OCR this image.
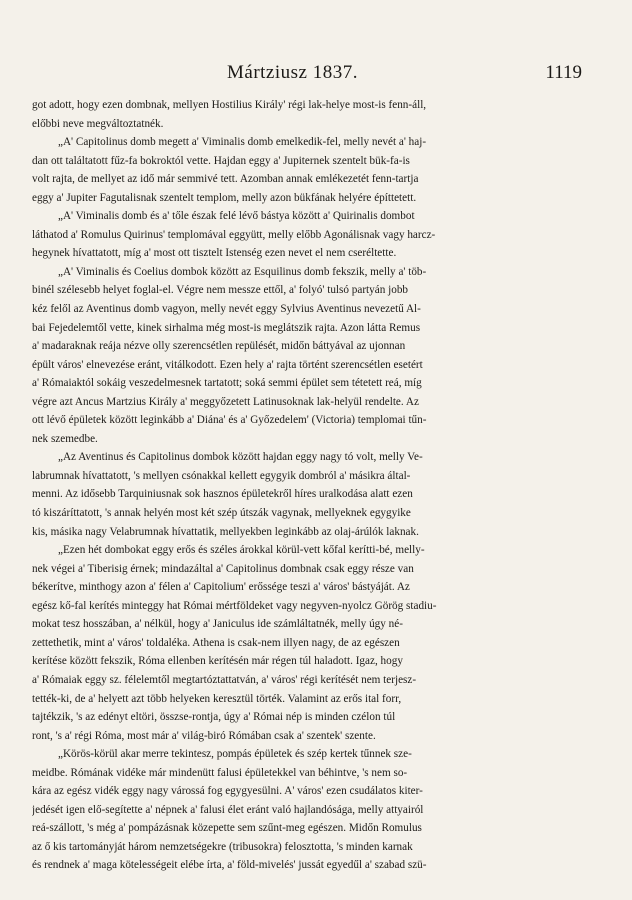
Mártziusz 1837.	1119
got adott, hogy ezen dombnak, mellyen Hostilius Király' régi lak-helye most-is fenn-áll,
előbbi neve megváltoztatnék.
„A' Capitolinus domb megett a' Viminalis domb emelkedik-fel, melly nevét a' haj-
dan ott találtatott fűz-fa bokroktól vette. Hajdan eggy a' Jupiternek szentelt bük-fa-is
volt rajta, de mellyet az idő már semmivé tett. Azomban annak emlékezetét fenn-tartja
eggy a' Jupiter Fagutalisnak szentelt templom, melly azon bükfának helyére építtetett.
„A' Viminalis domb és a' tőle észak felé lévő bástya között a' Quirinalis dombot
láthatod a' Romulus Quirinus' templomával eggyütt, melly előbb Agonálisnak vagy harcz-
hegynek hívattatott, míg a' most ott tisztelt Istenség ezen nevet el nem cseréltette.
„A' Viminalis és Coelius dombok között az Esquilinus domb fekszik, melly a' töb-
binél szélesebb helyet foglal-el. Végre nem messze ettől, a' folyó' tulsó partyán jobb
kéz felől az Aventinus domb vagyon, melly nevét eggy Sylvius Aventinus nevezetű Al-
bai Fejedelemtől vette, kinek sirhalma még most-is meglátszik rajta. Azon látta Remus
a' madaraknak reája nézve olly szerencsétlen repülését, midőn báttyával az ujonnan
épült város' elnevezése eránt, vitálkodott. Ezen hely a' rajta történt szerencsétlen esetért
a' Rómaiaktól sokáig veszedelmesnek tartatott; soká semmi épület sem tétetett reá, míg
végre azt Ancus Martzius Király a' meggyőzetett Latinusoknak lak-helyül rendelte. Az
ott lévő épületek között leginkább a' Diána' és a' Győzedelem' (Victoria) templomai tűn-
nek szemedbe.
„Az Aventinus és Capitolinus dombok között hajdan eggy nagy tó volt, melly Ve-
labrumnak hívattatott, 's mellyen csónakkal kellett egygyik dombról a' másikra által-
menni. Az idősebb Tarquiniusnak sok hasznos épületekről híres uralkodása alatt ezen
tó kiszáríttatott, 's annak helyén most két szép útszák vagynak, mellyeknek egygyike
kis, másika nagy Velabrumnak hívattatik, mellyekben leginkább az olaj-árúlók laknak.
„Ezen hét dombokat eggy erős és széles árokkal körül-vett kőfal kerítti-bé, melly-
nek végei a' Tiberisig érnek; mindazáltal a' Capitolinus dombnak csak eggy része van
békerítve, minthogy azon a' félen a' Capitolium' erőssége teszi a' város' bástyáját. Az
egész kő-fal kerítés minteggy hat Római mértföldeket vagy negyven-nyolcz Görög stadiu-
mokat tesz hosszában, a' nélkül, hogy a' Janiculus ide számláltatnék, melly úgy né-
zettethetik, mint a' város' toldaléka. Athena is csak-nem illyen nagy, de az egészen
kerítése között fekszik, Róma ellenben kerítésén már régen túl haladott. Igaz, hogy
a' Rómaiak eggy sz. félelemtől megtartóztattatván, a' város' régi kerítését nem terjesz-
tették-ki, de a' helyett azt több helyeken keresztül törték. Valamint az erős ital forr,
tajtékzik, 's az edényt eltöri, összse-rontja, úgy a' Római nép is minden czélon túl
ront, 's a' régi Róma, most már a' világ-biró Rómában csak a' szentek' szente.
„Körös-körül akar merre tekintesz, pompás épületek és szép kertek tűnnek sze-
meidbe. Rómának vidéke már mindenütt falusi épületekkel van béhintve, 's nem so-
kára az egész vidék eggy nagy várossá fog egygyesülni. A' város' ezen csudálatos kiter-
jedését igen elő-segítette a' népnek a' falusi élet eránt való hajlandósága, melly attyairól
reá-szállott, 's még a' pompázásnak közepette sem szűnt-meg egészen. Midőn Romulus
az ő kis tartományját három nemzetségekre (tribusokra) felosztotta, 's minden karnak
és rendnek a' maga kötelességeit elébe írta, a' föld-mivelés' jussát egyedűl a' szabad szü-
